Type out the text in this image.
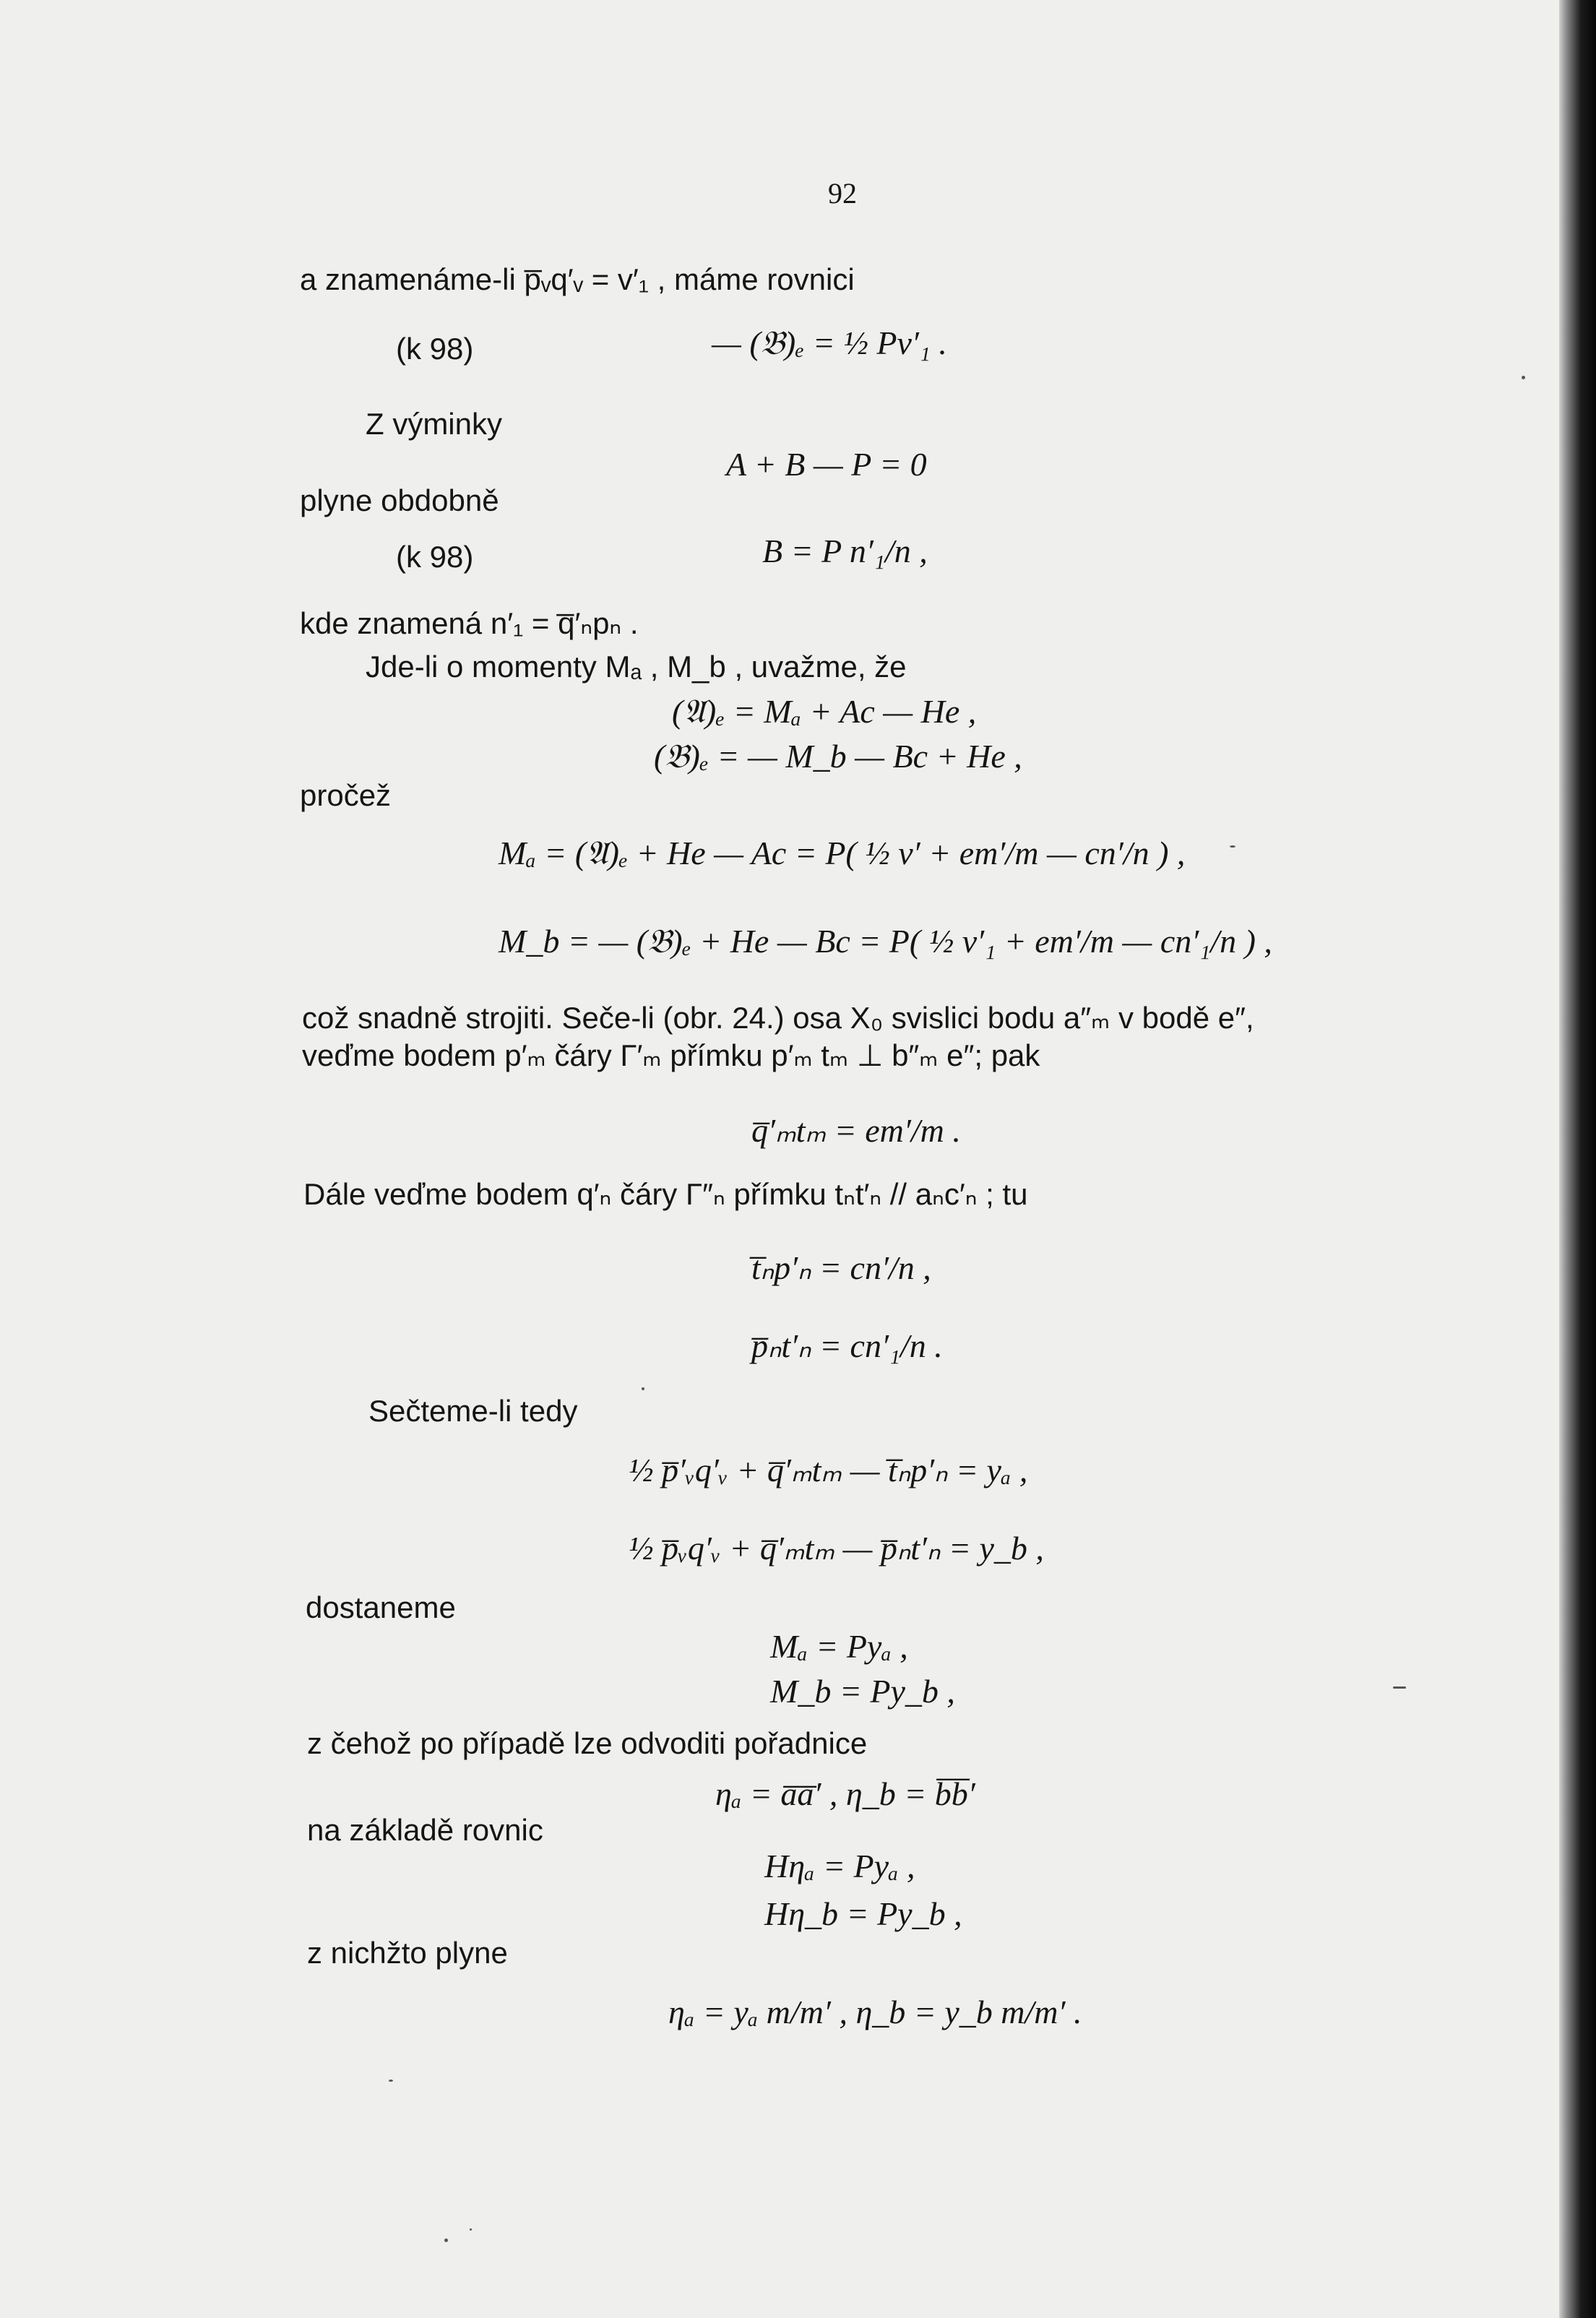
92
a znamenáme-li p̅ᵥq′ᵥ = v′₁ , máme rovnici
(k 98)	— (𝔅)ₑ = ½ Pv′₁ .
Z výminky
A + B — P = 0
plyne obdobně
(k 98)	B = P n′₁/n ,
kde znamená n′₁ = q̅′ₙpₙ .
Jde-li o momenty Mₐ , M_b , uvažme, že
(𝔄)ₑ = Mₐ + Ac — He ,
(𝔅)ₑ = — M_b — Bc + He ,
pročež
Mₐ = (𝔄)ₑ + He — Ac = P( ½ v′ + em′/m — cn′/n ) ,
M_b = — (𝔅)ₑ + He — Bc = P( ½ v′₁ + em′/m — cn′₁/n ) ,
což snadně strojiti. Seče-li (obr. 24.) osa X₀ svislici bodu a″ₘ v bodě e″,
veďme bodem p′ₘ čáry Γ′ₘ přímku p′ₘ tₘ ⊥ b″ₘ e″; pak
q̅′ₘtₘ = em′/m .
Dále veďme bodem q′ₙ čáry Γ″ₙ přímku tₙt′ₙ // aₙc′ₙ ; tu
t̅ₙp′ₙ = cn′/n ,
p̅ₙt′ₙ = cn′₁/n .
Sečteme-li tedy
½ p̅′ᵥq′ᵥ + q̅′ₘtₘ — t̅ₙp′ₙ = yₐ ,
½ p̅ᵥq′ᵥ + q̅′ₘtₘ — p̅ₙt′ₙ = y_b ,
dostaneme
Mₐ = Pyₐ ,
M_b = Py_b ,
z čehož po případě lze odvoditi pořadnice
ηₐ = a̅a̅′ , η_b = b̅b̅′
na základě rovnic
Hηₐ = Pyₐ ,
Hη_b = Py_b ,
z nichžto plyne
ηₐ = yₐ m/m′ , η_b = y_b m/m′ .
